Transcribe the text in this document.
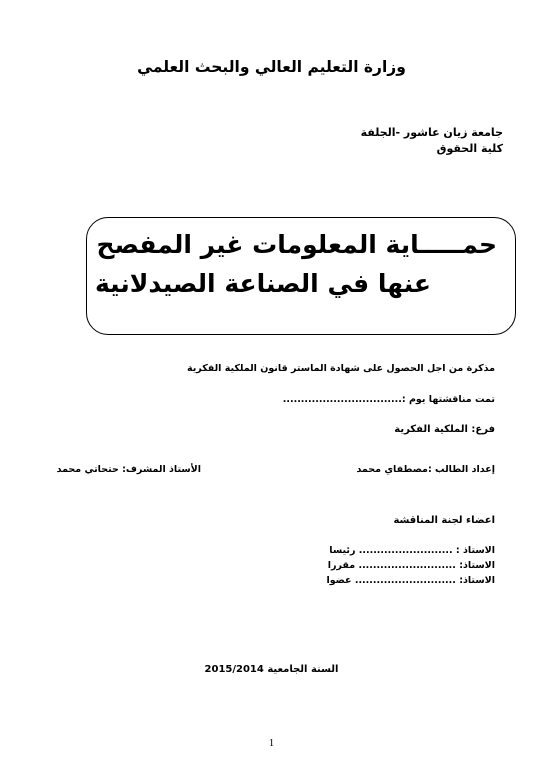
وزارة التعليم العالي والبحث العلمي
جامعة زيان عاشور -الجلفة
كلية الحقوق
حمـــــاية المعلومات غير المفصح
عنها في الصناعة الصيدلانية
مذكرة من اجل الحصول على شهادة الماستر قانون الملكية الفكرية
تمت مناقشتها يوم :.................................
فرع: الملكية الفكرية
إعداد الطالب :مصطفاي محمد
الأستاذ المشرف: حتحاتي محمد
اعضاء لجنة المناقشة
الاستاذ : .......................... رئيسا
الاستاذ: ........................... مقررا
الاستاذ: ............................ عضوا
السنة الجامعية 2015/2014
1
